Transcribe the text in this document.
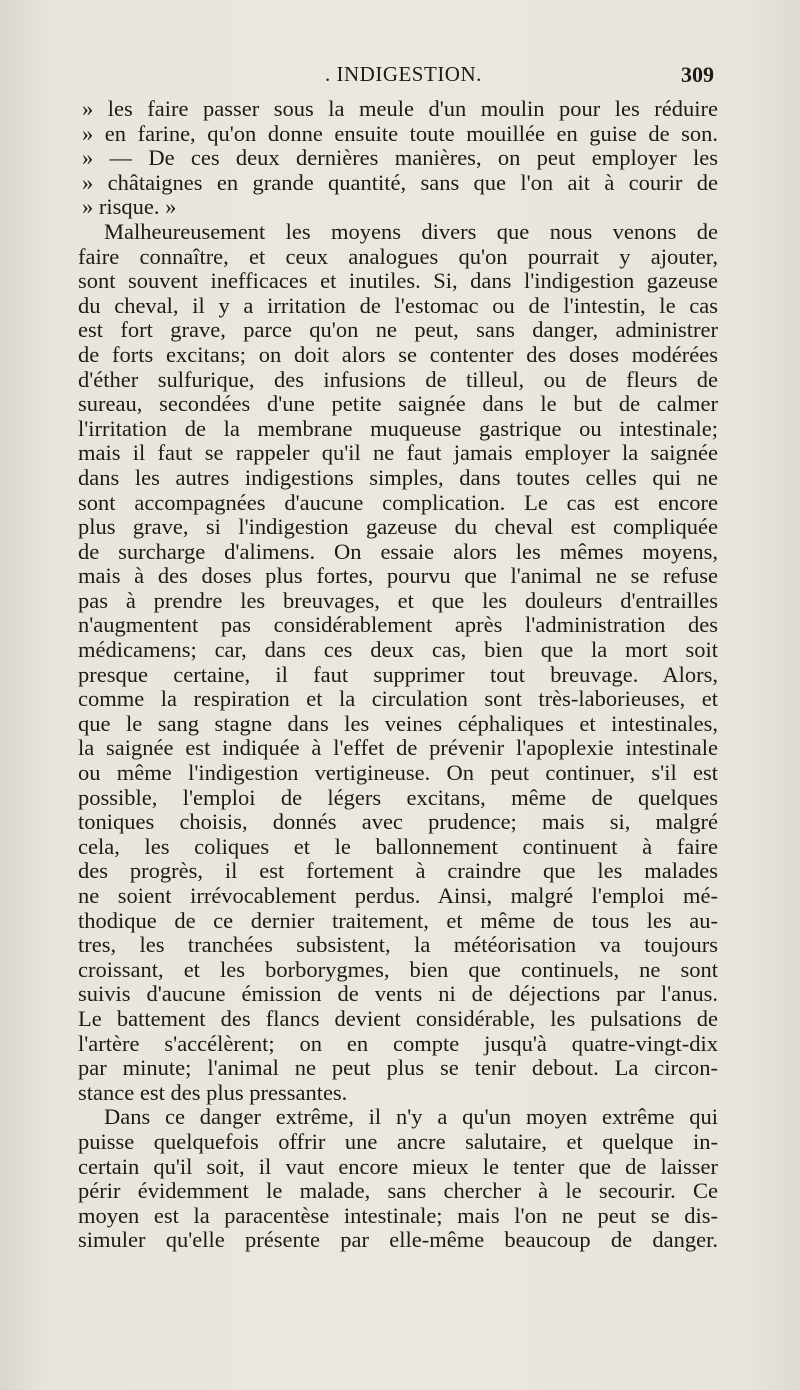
. INDIGESTION.	309
» les faire passer sous la meule d'un moulin pour les réduire
» en farine, qu'on donne ensuite toute mouillée en guise de son.
» — De ces deux dernières manières, on peut employer les
» châtaignes en grande quantité, sans que l'on ait à courir de
» risque. »
Malheureusement les moyens divers que nous venons de
faire connaître, et ceux analogues qu'on pourrait y ajouter,
sont souvent inefficaces et inutiles. Si, dans l'indigestion gazeuse
du cheval, il y a irritation de l'estomac ou de l'intestin, le cas
est fort grave, parce qu'on ne peut, sans danger, administrer
de forts excitans; on doit alors se contenter des doses modérées
d'éther sulfurique, des infusions de tilleul, ou de fleurs de
sureau, secondées d'une petite saignée dans le but de calmer
l'irritation de la membrane muqueuse gastrique ou intestinale;
mais il faut se rappeler qu'il ne faut jamais employer la saignée
dans les autres indigestions simples, dans toutes celles qui ne
sont accompagnées d'aucune complication. Le cas est encore
plus grave, si l'indigestion gazeuse du cheval est compliquée
de surcharge d'alimens. On essaie alors les mêmes moyens,
mais à des doses plus fortes, pourvu que l'animal ne se refuse
pas à prendre les breuvages, et que les douleurs d'entrailles
n'augmentent pas considérablement après l'administration des
médicamens; car, dans ces deux cas, bien que la mort soit
presque certaine, il faut supprimer tout breuvage. Alors,
comme la respiration et la circulation sont très-laborieuses, et
que le sang stagne dans les veines céphaliques et intestinales,
la saignée est indiquée à l'effet de prévenir l'apoplexie intestinale
ou même l'indigestion vertigineuse. On peut continuer, s'il est
possible, l'emploi de légers excitans, même de quelques
toniques choisis, donnés avec prudence; mais si, malgré
cela, les coliques et le ballonnement continuent à faire
des progrès, il est fortement à craindre que les malades
ne soient irrévocablement perdus. Ainsi, malgré l'emploi mé-
thodique de ce dernier traitement, et même de tous les au-
tres, les tranchées subsistent, la météorisation va toujours
croissant, et les borborygmes, bien que continuels, ne sont
suivis d'aucune émission de vents ni de déjections par l'anus.
Le battement des flancs devient considérable, les pulsations de
l'artère s'accélèrent; on en compte jusqu'à quatre-vingt-dix
par minute; l'animal ne peut plus se tenir debout. La circon-
stance est des plus pressantes.
Dans ce danger extrême, il n'y a qu'un moyen extrême qui
puisse quelquefois offrir une ancre salutaire, et quelque in-
certain qu'il soit, il vaut encore mieux le tenter que de laisser
périr évidemment le malade, sans chercher à le secourir. Ce
moyen est la paracentèse intestinale; mais l'on ne peut se dis-
simuler qu'elle présente par elle-même beaucoup de danger.
